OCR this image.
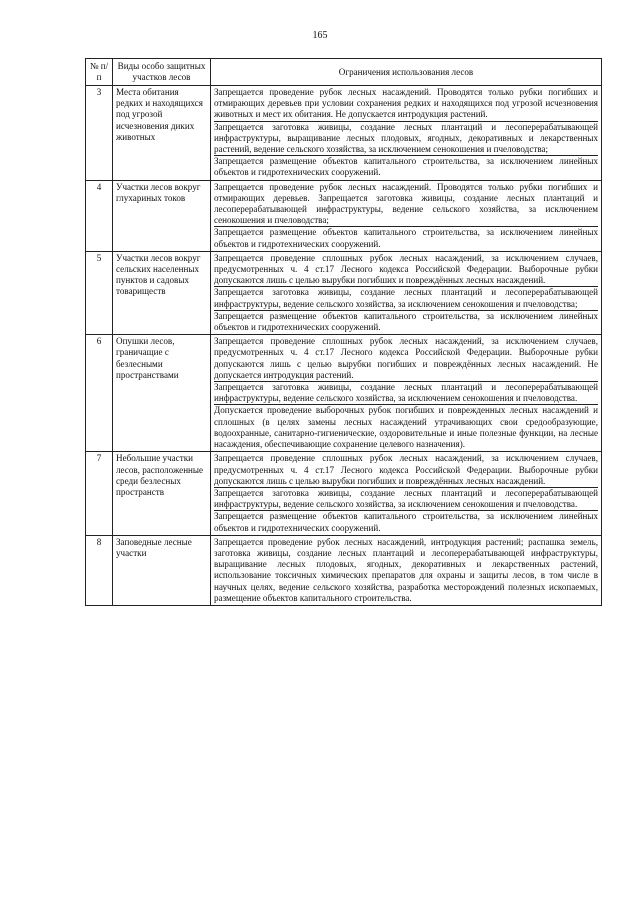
165
№ п/п	Виды особо защитных участков лесов	Ограничения использования лесов
3	Места обитания редких и находящихся под угрозой исчезновения диких животных	Запрещается проведение рубок лесных насаждений. Проводятся только рубки погибших и отмирающих деревьев при условии сохранения редких и находящихся под угрозой исчезновения животных и мест их обитания. Не допускается интродукция растений.

Запрещается заготовка живицы, создание лесных плантаций и лесоперерабатывающей инфраструктуры, выращивание лесных плодовых, ягодных, декоративных и лекарственных растений, ведение сельского хозяйства, за исключением сенокошения и пчеловодства;

Запрещается размещение объектов капитального строительства, за исключением линейных объектов и гидротехнических сооружений.

4	Участки лесов вокруг глухариных токов	Запрещается проведение рубок лесных насаждений. Проводятся только рубки погибших и отмирающих деревьев. Запрещается заготовка живицы, создание лесных плантаций и лесоперерабатывающей инфраструктуры, ведение сельского хозяйства, за исключением сенокошения и пчеловодства;

Запрещается размещение объектов капитального строительства, за исключением линейных объектов и гидротехнических сооружений.

5	Участки лесов вокруг сельских населенных пунктов и садовых товариществ	Запрещается проведение сплошных рубок лесных насаждений, за исключением случаев, предусмотренных ч. 4 ст.17 Лесного кодекса Российской Федерации. Выборочные рубки допускаются лишь с целью вырубки погибших и повреждённых лесных насаждений.

Запрещается заготовка живицы, создание лесных плантаций и лесоперерабатывающей инфраструктуры, ведение сельского хозяйства, за исключением сенокошения и пчеловодства;

Запрещается размещение объектов капитального строительства, за исключением линейных объектов и гидротехнических сооружений.

6	Опушки лесов, граничащие с безлесными пространствами	Запрещается проведение сплошных рубок лесных насаждений, за исключением случаев, предусмотренных ч. 4 ст.17 Лесного кодекса Российской Федерации. Выборочные рубки допускаются лишь с целью вырубки погибших и повреждённых лесных насаждений. Не допускается интродукция растений.

Запрещается заготовка живицы, создание лесных плантаций и лесоперерабатывающей инфраструктуры, ведение сельского хозяйства, за исключением сенокошения и пчеловодства.

Допускается проведение выборочных рубок погибших и поврежденных лесных насаждений и сплошных (в целях замены лесных насаждений утрачивающих свои средообразующие, водоохранные, санитарно-гигиенические, оздоровительные и иные полезные функции, на лесные насаждения, обеспечивающие сохранение целевого назначения).

7	Небольшие участки лесов, расположенные среди безлесных пространств	Запрещается проведение сплошных рубок лесных насаждений, за исключением случаев, предусмотренных ч. 4 ст.17 Лесного кодекса Российской Федерации. Выборочные рубки допускаются лишь с целью вырубки погибших и повреждённых лесных насаждений.

Запрещается заготовка живицы, создание лесных плантаций и лесоперерабатывающей инфраструктуры, ведение сельского хозяйства, за исключением сенокошения и пчеловодства.

Запрещается размещение объектов капитального строительства, за исключением линейных объектов и гидротехнических сооружений.

8	Заповедные лесные участки	Запрещается проведение рубок лесных насаждений, интродукция растений; распашка земель, заготовка живицы, создание лесных плантаций и лесоперерабатывающей инфраструктуры, выращивание лесных плодовых, ягодных, декоративных и лекарственных растений, использование токсичных химических препаратов для охраны и защиты лесов, в том числе в научных целях, ведение сельского хозяйства, разработка месторождений полезных ископаемых, размещение объектов капитального строительства.
